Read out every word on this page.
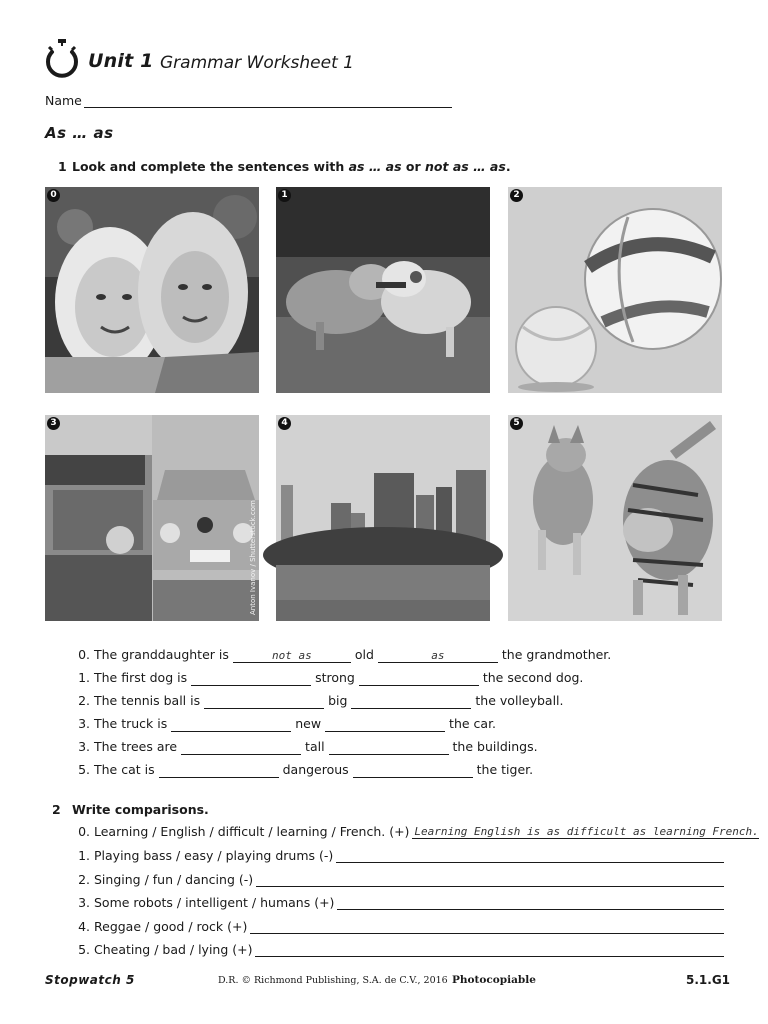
Unit 1 Grammar Worksheet 1
Name
As … as
1 Look and complete the sentences with as … as or not as … as.
0	1	2
3
Anton Ivanov / Shutterstock.com
4	5
0. The granddaughter is	not as	old	as	the grandmother.
1. The first dog is	strong	the second dog.
2. The tennis ball is	big	the volleyball.
3. The truck is	new	the car.
3. The trees are	tall	the buildings.
5. The cat is	dangerous	the tiger.
2 Write comparisons.
0. Learning / English / difficult / learning / French. (+) Learning English is as difficult as learning French.
1. Playing bass / easy / playing drums (-)
2. Singing / fun / dancing (-)
3. Some robots / intelligent / humans (+)
4. Reggae / good / rock (+)
5. Cheating / bad / lying (+)
Stopwatch 5	D.R. © Richmond Publishing, S.A. de C.V., 2016 Photocopiable	5.1.G1
